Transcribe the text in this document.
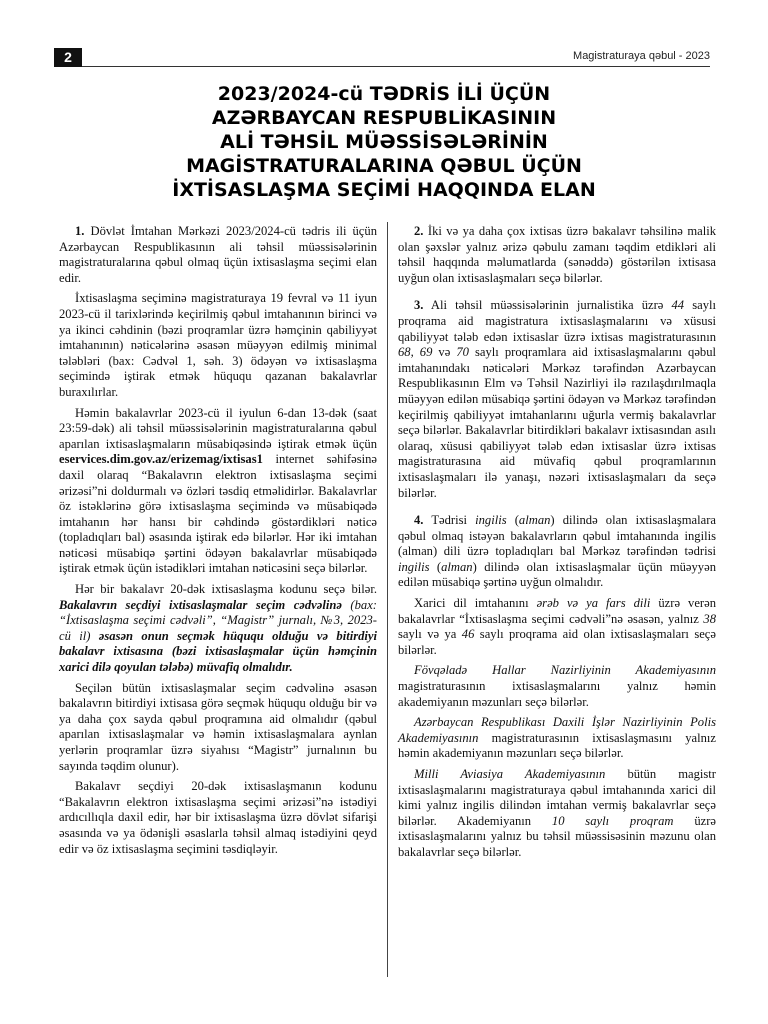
2	Magistraturaya qəbul - 2023
2023/2024-cü TƏDRİS İLİ ÜÇÜN
AZƏRBAYCAN RESPUBLİKASININ
ALİ TƏHSİL MÜƏSSİSƏLƏRİNİN
MAGİSTRATURALARINA QƏBUL ÜÇÜN
İXTİSASLAŞMA SEÇİMİ HAQQINDA ELAN

1. Dövlət İmtahan Mərkəzi 2023/2024-cü tədris ili üçün Azərbaycan Respublikasının ali təhsil müəssisələrinin magistraturalarına qəbul olmaq üçün ixtisaslaşma seçimi elan edir.

İxtisaslaşma seçiminə magistraturaya 19 fevral və 11 iyun 2023-cü il tarixlərində keçirilmiş qəbul imtahanının birinci və ya ikinci cəhdinin (bəzi proqramlar üzrə həmçinin qabiliyyət imtahanının) nəticələrinə əsasən müəyyən edilmiş minimal tələbləri (bax: Cədvəl 1, səh. 3) ödəyən və ixtisaslaşma seçimində iştirak etmək hüququ qazanan bakalavrlar buraxılırlar.

Həmin bakalavrlar 2023-cü il iyulun 6-dan 13-dək (saat 23:59-dək) ali təhsil müəssisələrinin magistraturalarına qəbul aparılan ixtisaslaşmaların müsabiqəsində iştirak etmək üçün eservices.dim.gov.az/erizemag/ixtisas1 internet səhifəsinə daxil olaraq “Bakalavrın elektron ixtisaslaşma seçimi ərizəsi”ni doldurmalı və özləri təsdiq etməlidirlər. Bakalavrlar öz istəklərinə görə ixtisaslaşma seçimində və müsabiqədə imtahanın hər hansı bir cəhdində göstərdikləri nəticə (topladıqları bal) əsasında iştirak edə bilərlər. Hər iki imtahan nəticəsi müsabiqə şərtini ödəyən bakalavrlar müsabiqədə iştirak etmək üçün istədikləri imtahan nəticəsini seçə bilərlər.

Hər bir bakalavr 20-dək ixtisaslaşma kodunu seçə bilər. Bakalavrın seçdiyi ixtisaslaşmalar seçim cədvəlinə (bax: “İxtisaslaşma seçimi cədvəli”, “Magistr” jurnalı, №3, 2023-cü il) əsasən onun seçmək hüququ olduğu və bitirdiyi bakalavr ixtisasına (bəzi ixtisaslaşmalar üçün həmçinin xarici dilə qoyulan tələbə) müvafiq olmalıdır.

Seçilən bütün ixtisaslaşmalar seçim cədvəlinə əsasən bakalavrın bitirdiyi ixtisasa görə seçmək hüququ olduğu bir və ya daha çox sayda qəbul proqramına aid olmalıdır (qəbul aparılan ixtisaslaşmalar və həmin ixtisaslaşmalara aynlan yerlərin proqramlar üzrə siyahısı “Magistr” jurnalının bu sayında təqdim olunur).

Bakalavr seçdiyi 20-dək ixtisaslaşmanın kodunu “Bakalavrın elektron ixtisaslaşma seçimi ərizəsi”nə istədiyi ardıcıllıqla daxil edir, hər bir ixtisaslaşma üzrə dövlət sifarişi əsasında və ya ödənişli əsaslarla təhsil almaq istədiyini qeyd edir və öz ixtisaslaşma seçimini təsdiqləyir.

2. İki və ya daha çox ixtisas üzrə bakalavr təhsilinə malik olan şəxslər yalnız ərizə qəbulu zamanı təqdim etdikləri ali təhsil haqqında məlumatlarda (sənəddə) göstərilən ixtisasa uyğun olan ixtisaslaşmaları seçə bilərlər.

3. Ali təhsil müəssisələrinin jurnalistika üzrə 44 saylı proqrama aid magistratura ixtisaslaşmalarını və xüsusi qabiliyyət tələb edən ixtisaslar üzrə ixtisas magistraturasının 68, 69 və 70 saylı proqramlara aid ixtisaslaşmalarını qəbul imtahanındakı nəticələri Mərkəz tərəfindən Azərbaycan Respublikasının Elm və Təhsil Nazirliyi ilə razılaşdırılmaqla müəyyən edilən müsabiqə şərtini ödəyən və Mərkəz tərəfindən keçirilmiş qabiliyyət imtahanlarını uğurla vermiş bakalavrlar seçə bilərlər. Bakalavrlar bitirdikləri bakalavr ixtisasından asılı olaraq, xüsusi qabiliyyət tələb edən ixtisaslar üzrə ixtisas magistraturasına aid müvafiq qəbul proqramlarının ixtisaslaşmaları ilə yanaşı, nəzəri ixtisaslaşmaları da seçə bilərlər.

4. Tədrisi ingilis (alman) dilində olan ixtisaslaşmalara qəbul olmaq istəyən bakalavrların qəbul imtahanında ingilis (alman) dili üzrə topladıqları bal Mərkəz tərəfindən tədrisi ingilis (alman) dilində olan ixtisaslaşmalar üçün müəyyən edilən müsabiqə şərtinə uyğun olmalıdır.

Xarici dil imtahanını ərəb və ya fars dili üzrə verən bakalavrlar “İxtisaslaşma seçimi cədvəli”nə əsasən, yalnız 38 saylı və ya 46 saylı proqrama aid olan ixtisaslaşmaları seçə bilərlər.

Fövqəladə Hallar Nazirliyinin Akademiyasının magistraturasının ixtisaslaşmalarını yalnız həmin akademiyanın məzunları seçə bilərlər.

Azərbaycan Respublikası Daxili İşlər Nazirliyinin Polis Akademiyasının magistraturasının ixtisaslaşmasını yalnız həmin akademiyanın məzunları seçə bilərlər.

Milli Aviasiya Akademiyasının bütün magistr ixtisaslaşmalarını magistraturaya qəbul imtahanında xarici dil kimi yalnız ingilis dilindən imtahan vermiş bakalavrlar seçə bilərlər. Akademiyanın 10 saylı proqram üzrə ixtisaslaşmalarını yalnız bu təhsil müəssisəsinin məzunu olan bakalavrlar seçə bilərlər.
